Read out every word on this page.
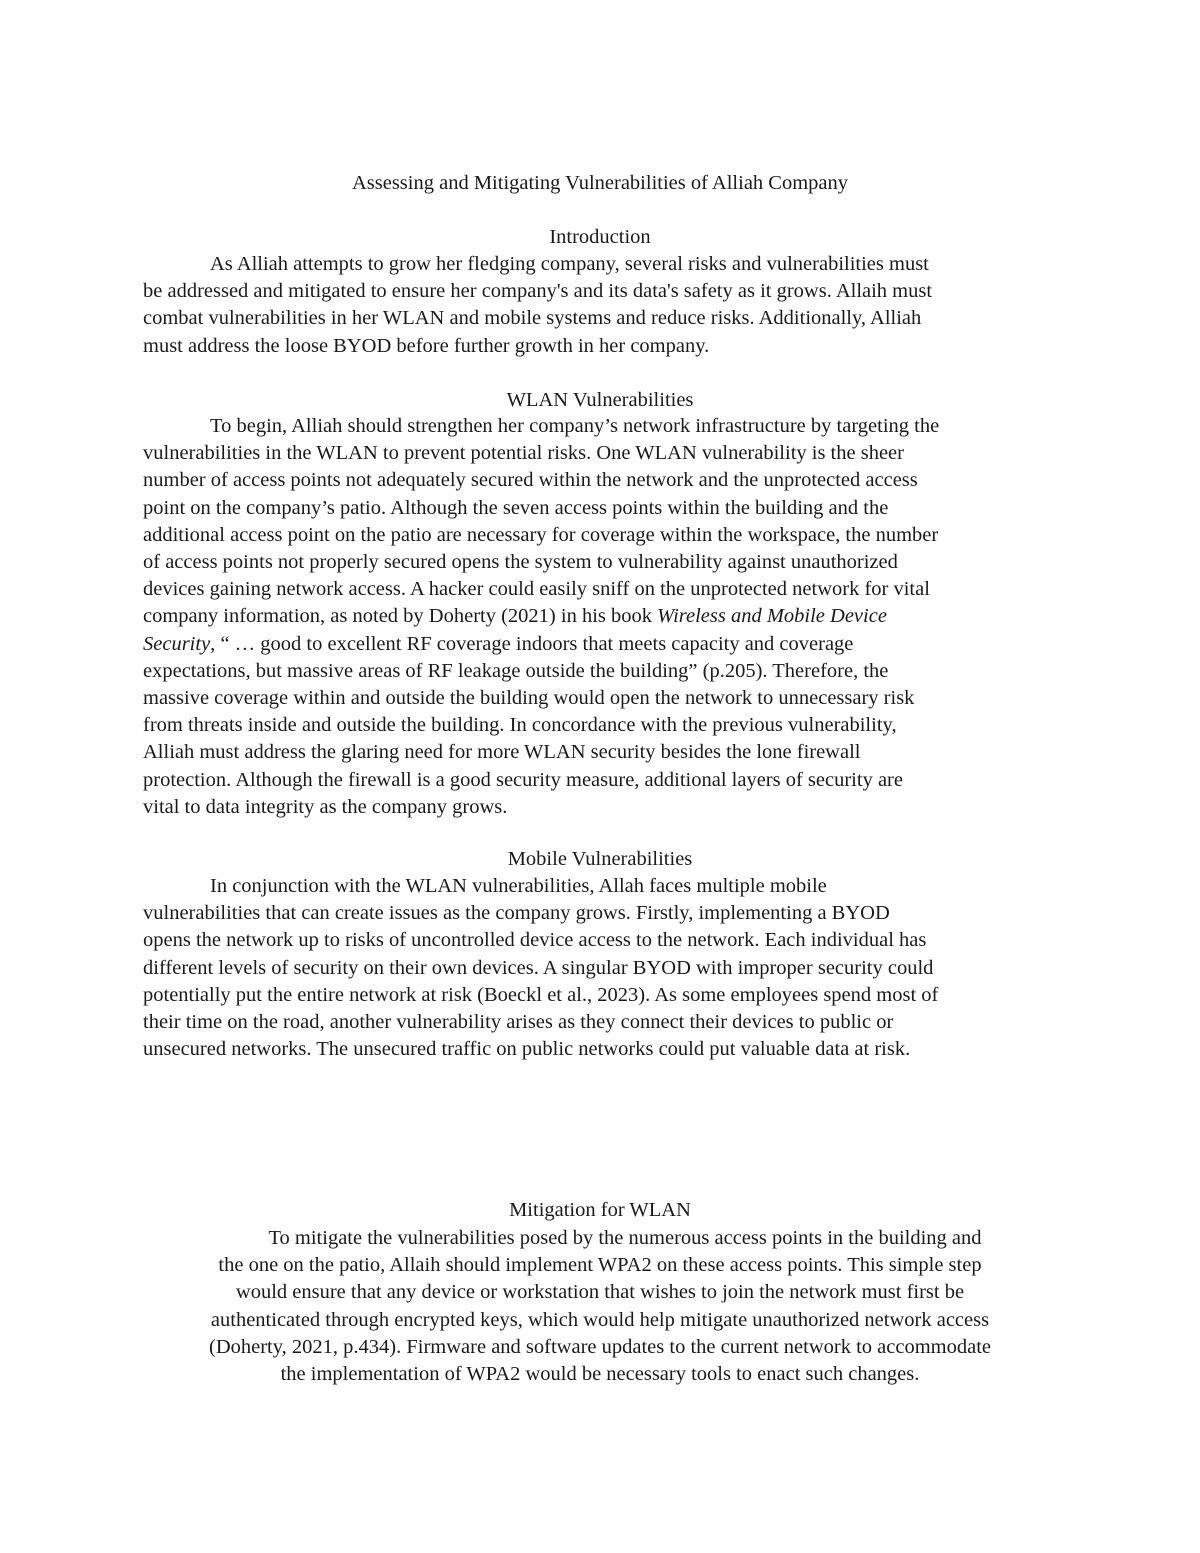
Assessing and Mitigating Vulnerabilities of Alliah Company
Introduction

As Alliah attempts to grow her fledging company, several risks and vulnerabilities must
be addressed and mitigated to ensure her company's and its data's safety as it grows. Allaih must
combat vulnerabilities in her WLAN and mobile systems and reduce risks. Additionally, Alliah
must address the loose BYOD before further growth in her company.

WLAN Vulnerabilities

To begin, Alliah should strengthen her company’s network infrastructure by targeting the
vulnerabilities in the WLAN to prevent potential risks. One WLAN vulnerability is the sheer
number of access points not adequately secured within the network and the unprotected access
point on the company’s patio. Although the seven access points within the building and the
additional access point on the patio are necessary for coverage within the workspace, the number
of access points not properly secured opens the system to vulnerability against unauthorized
devices gaining network access. A hacker could easily sniff on the unprotected network for vital
company information, as noted by Doherty (2021) in his book Wireless and Mobile Device
Security, “ … good to excellent RF coverage indoors that meets capacity and coverage
expectations, but massive areas of RF leakage outside the building” (p.205). Therefore, the
massive coverage within and outside the building would open the network to unnecessary risk
from threats inside and outside the building. In concordance with the previous vulnerability,
Alliah must address the glaring need for more WLAN security besides the lone firewall
protection. Although the firewall is a good security measure, additional layers of security are
vital to data integrity as the company grows.

Mobile Vulnerabilities

In conjunction with the WLAN vulnerabilities, Allah faces multiple mobile
vulnerabilities that can create issues as the company grows. Firstly, implementing a BYOD
opens the network up to risks of uncontrolled device access to the network. Each individual has
different levels of security on their own devices. A singular BYOD with improper security could
potentially put the entire network at risk (Boeckl et al., 2023). As some employees spend most of
their time on the road, another vulnerability arises as they connect their devices to public or
unsecured networks. The unsecured traffic on public networks could put valuable data at risk.

Mitigation for WLAN

To mitigate the vulnerabilities posed by the numerous access points in the building and
the one on the patio, Allaih should implement WPA2 on these access points. This simple step
would ensure that any device or workstation that wishes to join the network must first be
authenticated through encrypted keys, which would help mitigate unauthorized network access
(Doherty, 2021, p.434). Firmware and software updates to the current network to accommodate
the implementation of WPA2 would be necessary tools to enact such changes.
